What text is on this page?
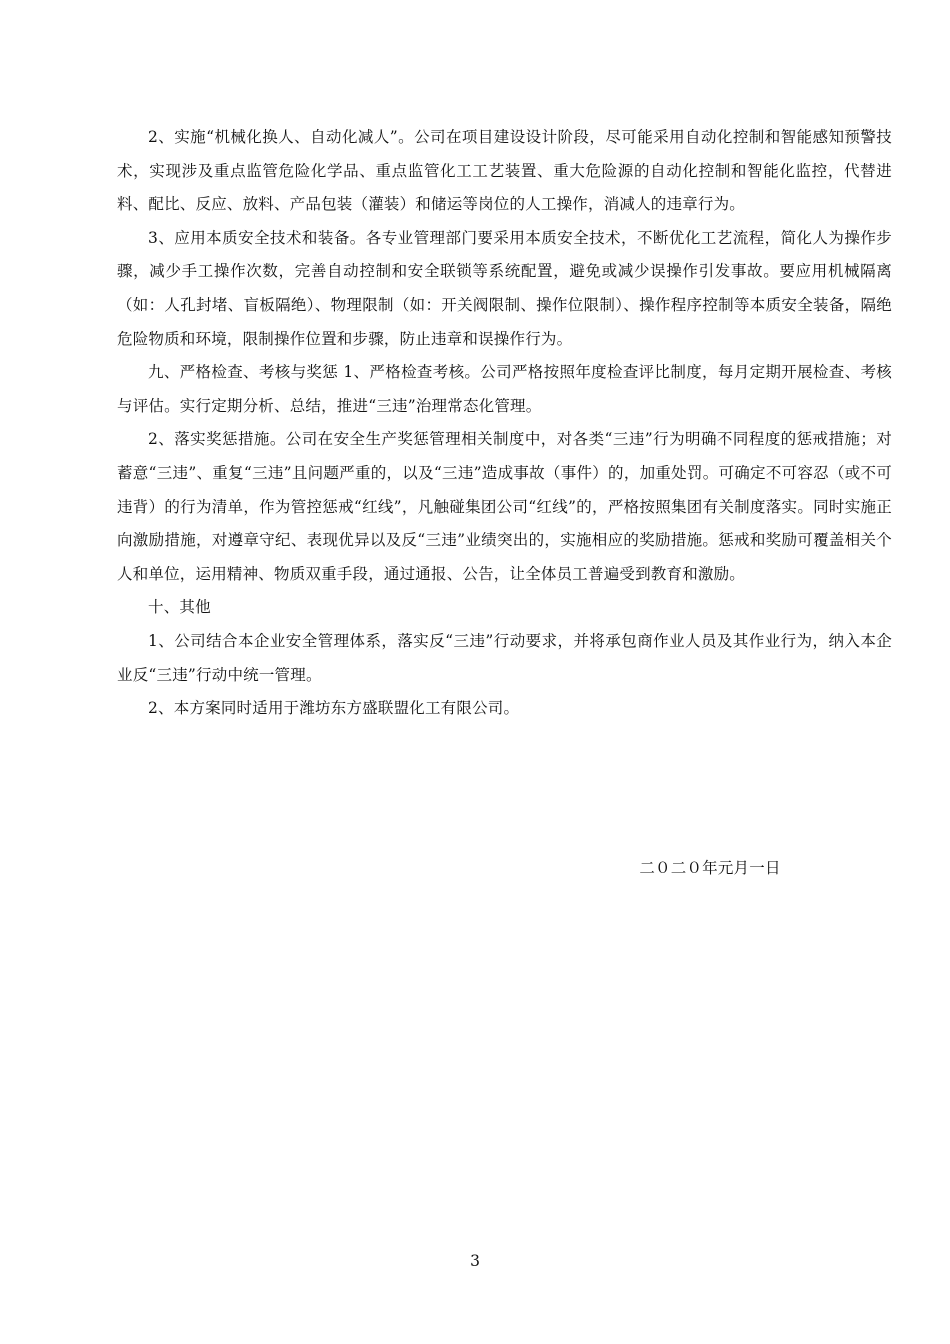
2、实施“机械化换人、自动化减人”。公司在项目建设设计阶段，尽可能采用自动化控制和智能感知预警技术，实现涉及重点监管危险化学品、重点监管化工工艺装置、重大危险源的自动化控制和智能化监控，代替进料、配比、反应、放料、产品包装（灌装）和储运等岗位的人工操作，消减人的违章行为。

3、应用本质安全技术和装备。各专业管理部门要采用本质安全技术，不断优化工艺流程，简化人为操作步骤，减少手工操作次数，完善自动控制和安全联锁等系统配置，避免或减少误操作引发事故。要应用机械隔离（如：人孔封堵、盲板隔绝）、物理限制（如：开关阀限制、操作位限制）、操作程序控制等本质安全装备，隔绝危险物质和环境，限制操作位置和步骤，防止违章和误操作行为。

九、严格检查、考核与奖惩 1、严格检查考核。公司严格按照年度检查评比制度，每月定期开展检查、考核与评估。实行定期分析、总结，推进“三违”治理常态化管理。

2、落实奖惩措施。公司在安全生产奖惩管理相关制度中，对各类“三违”行为明确不同程度的惩戒措施；对蓄意“三违”、重复“三违”且问题严重的，以及“三违”造成事故（事件）的，加重处罚。可确定不可容忍（或不可违背）的行为清单，作为管控惩戒“红线”，凡触碰集团公司“红线”的，严格按照集团有关制度落实。同时实施正向激励措施，对遵章守纪、表现优异以及反“三违”业绩突出的，实施相应的奖励措施。惩戒和奖励可覆盖相关个人和单位，运用精神、物质双重手段，通过通报、公告，让全体员工普遍受到教育和激励。

十、其他

1、公司结合本企业安全管理体系，落实反“三违”行动要求，并将承包商作业人员及其作业行为，纳入本企业反“三违”行动中统一管理。

2、本方案同时适用于潍坊东方盛联盟化工有限公司。

二０二０年元月一日
3
